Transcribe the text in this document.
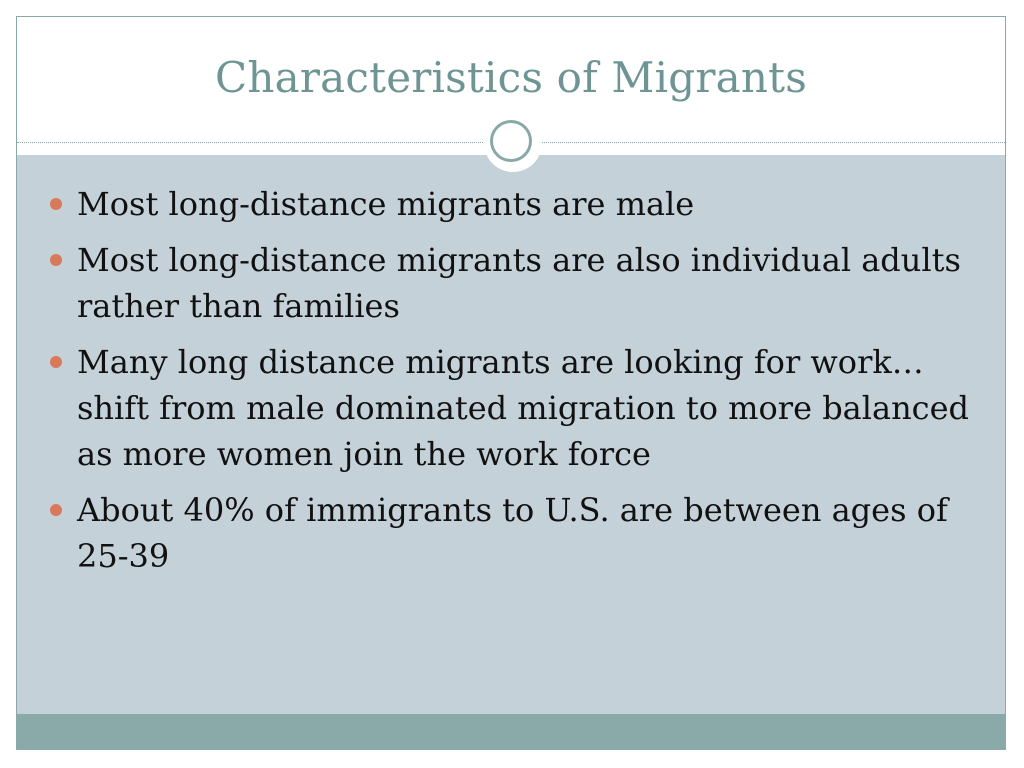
Characteristics of Migrants
Most long-distance migrants are male
Most long-distance migrants are also individual adults rather than families
Many long distance migrants are looking for work… shift from male dominated migration to more balanced as more women join the work force
About 40% of immigrants to U.S. are between ages of 25-39
